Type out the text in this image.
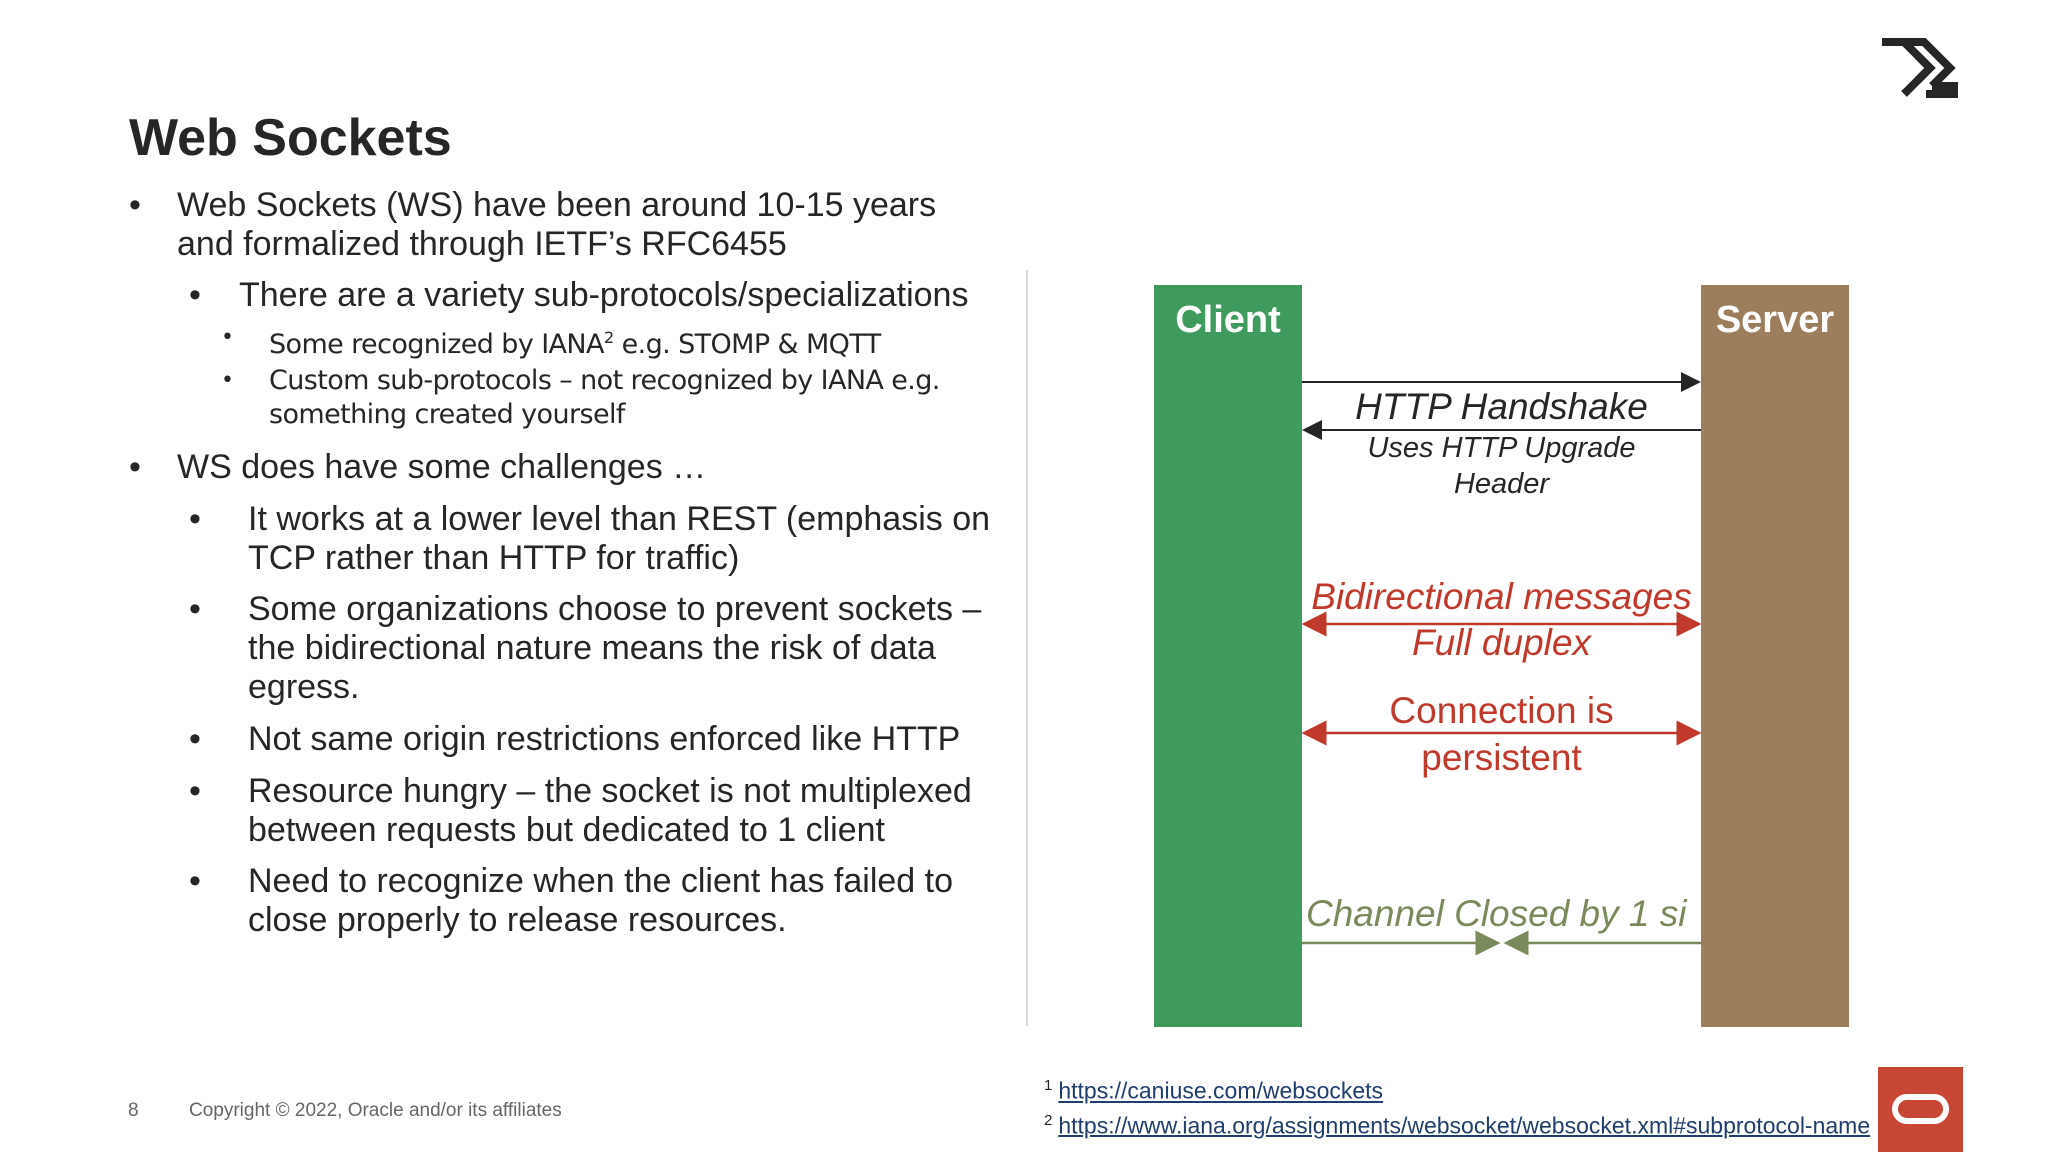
Web Sockets
• Web Sockets (WS) have been around 10-15 years and formalized through IETF’s RFC6455
• There are a variety sub-protocols/specializations
• Some recognized by IANA$^2$ e.g. STOMP & MQTT
• Custom sub-protocols – not recognized by IANA e.g. something created yourself
• WS does have some challenges …
• It works at a lower level than REST (emphasis on TCP rather than HTTP for traffic)
• Some organizations choose to prevent sockets – the bidirectional nature means the risk of data egress.
• Not same origin restrictions enforced like HTTP
• Resource hungry – the socket is not multiplexed between requests but dedicated to 1 client
• Need to recognize when the client has failed to close properly to release resources.
Client	Server
HTTP Handshake
Uses HTTP Upgrade
Header
Bidirectional messages
Full duplex
Connection is
persistent
Channel Closed by 1 si
8	Copyright © 2022, Oracle and/or its affiliates
$^1$ https://caniuse.com/websockets
$^2$ https://www.iana.org/assignments/websocket/websocket.xml#subprotocol-name
